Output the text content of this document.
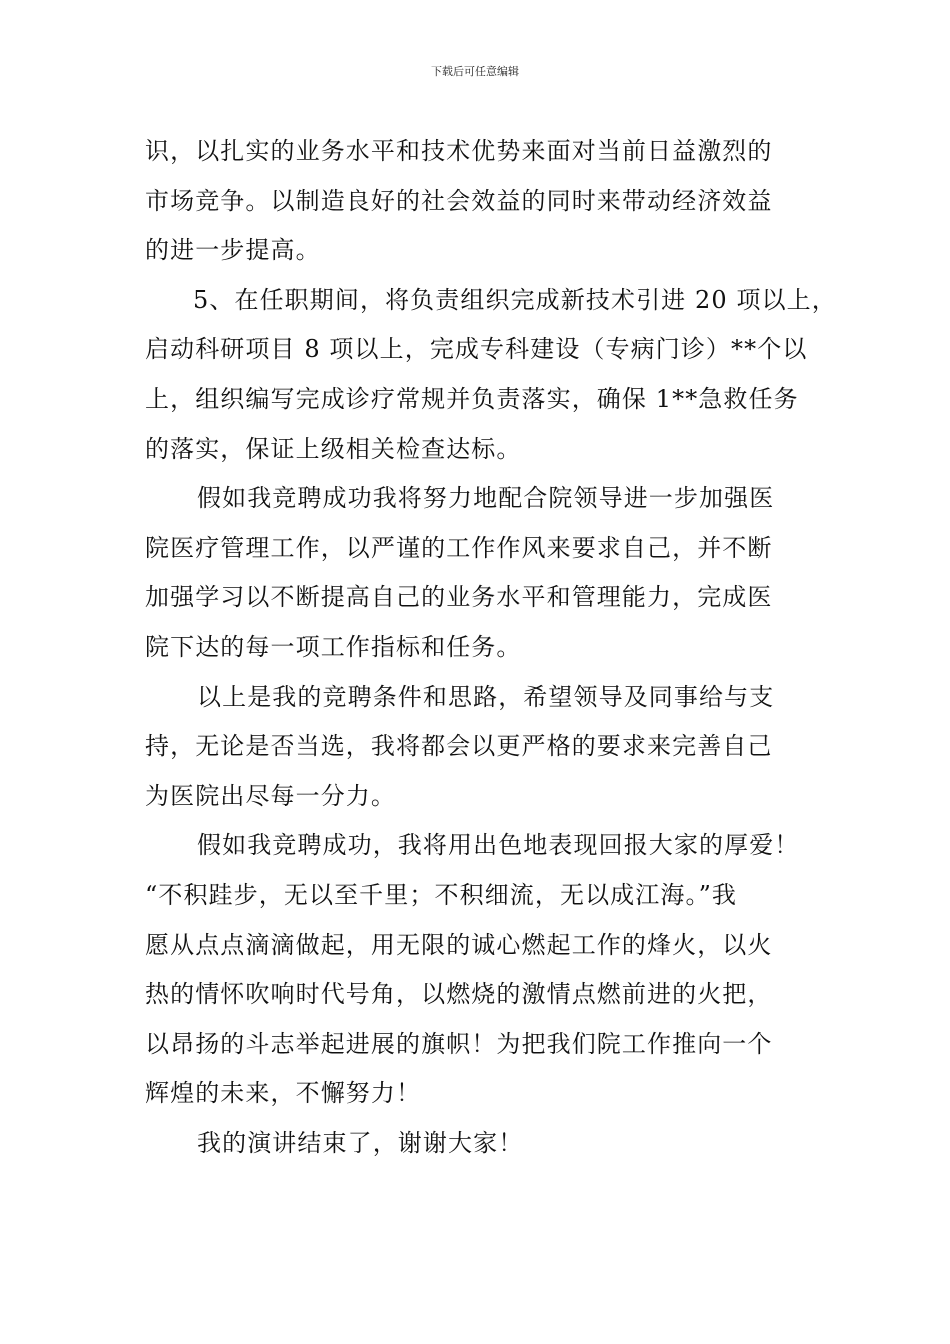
下载后可任意编辑
识，以扎实的业务水平和技术优势来面对当前日益激烈的
市场竞争。以制造良好的社会效益的同时来带动经济效益
的进一步提高。
5、在任职期间，将负责组织完成新技术引进 20 项以上，
启动科研项目 8 项以上，完成专科建设（专病门诊）**个以
上，组织编写完成诊疗常规并负责落实，确保 1**急救任务
的落实，保证上级相关检查达标。
假如我竞聘成功我将努力地配合院领导进一步加强医
院医疗管理工作，以严谨的工作作风来要求自己，并不断
加强学习以不断提高自己的业务水平和管理能力，完成医
院下达的每一项工作指标和任务。
以上是我的竞聘条件和思路，希望领导及同事给与支
持，无论是否当选，我将都会以更严格的要求来完善自己
为医院出尽每一分力。
假如我竞聘成功，我将用出色地表现回报大家的厚爱！
“不积跬步，无以至千里；不积细流，无以成江海。”我
愿从点点滴滴做起，用无限的诚心燃起工作的烽火，以火
热的情怀吹响时代号角，以燃烧的激情点燃前进的火把，
以昂扬的斗志举起进展的旗帜！为把我们院工作推向一个
辉煌的未来，不懈努力！
我的演讲结束了，谢谢大家！
